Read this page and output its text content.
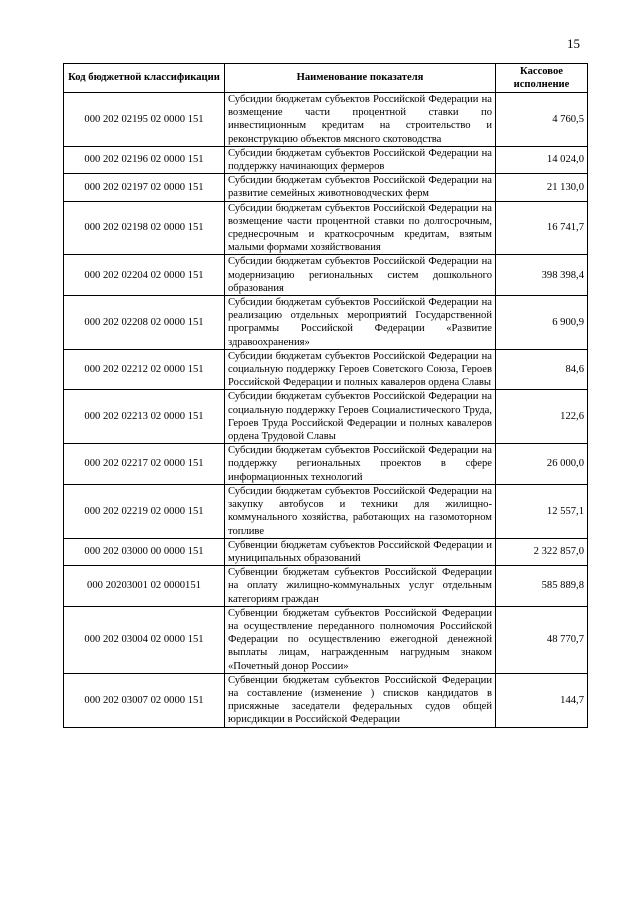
15
Код бюджетной классификации	Наименование показателя	Кассовое исполнение
000 202 02195 02 0000 151	Субсидии бюджетам субъектов Российской Федерации на возмещение части процентной ставки по инвестиционным кредитам на строительство и реконструкцию объектов мясного скотоводства	4 760,5
000 202 02196 02 0000 151	Субсидии бюджетам субъектов Российской Федерации на поддержку начинающих фермеров	14 024,0
000 202 02197 02 0000 151	Субсидии бюджетам субъектов Российской Федерации на развитие семейных животноводческих ферм	21 130,0
000 202 02198 02 0000 151	Субсидии бюджетам субъектов Российской Федерации на возмещение части процентной ставки по долгосрочным, среднесрочным и краткосрочным кредитам, взятым малыми формами хозяйствования	16 741,7
000 202 02204 02 0000 151	Субсидии бюджетам субъектов Российской Федерации на модернизацию региональных систем дошкольного образования	398 398,4
000 202 02208 02 0000 151	Субсидии бюджетам субъектов Российской Федерации на реализацию отдельных мероприятий Государственной программы Российской Федерации «Развитие здравоохранения»	6 900,9
000 202 02212 02 0000 151	Субсидии бюджетам субъектов Российской Федерации на социальную поддержку Героев Советского Союза, Героев Российской Федерации и полных кавалеров ордена Славы	84,6
000 202 02213 02 0000 151	Субсидии бюджетам субъектов Российской Федерации на социальную поддержку Героев Социалистического Труда, Героев Труда Российской Федерации и полных кавалеров ордена Трудовой Славы	122,6
000 202 02217 02 0000 151	Субсидии бюджетам субъектов Российской Федерации на поддержку региональных проектов в сфере информационных технологий	26 000,0
000 202 02219 02 0000 151	Субсидии бюджетам субъектов Российской Федерации на закупку автобусов и техники для жилищно-коммунального хозяйства, работающих на газомоторном топливе	12 557,1
000 202 03000 00 0000 151	Субвенции бюджетам субъектов Российской Федерации и муниципальных образований	2 322 857,0
000 20203001 02 0000151	Субвенции бюджетам субъектов Российской Федерации на оплату жилищно-коммунальных услуг отдельным категориям граждан	585 889,8
000 202 03004 02 0000 151	Субвенции бюджетам субъектов Российской Федерации на осуществление переданного полномочия Российской Федерации по осуществлению ежегодной денежной выплаты лицам, награжденным нагрудным знаком «Почетный донор России»	48 770,7
000 202 03007 02 0000 151	Субвенции бюджетам субъектов Российской Федерации на составление (изменение ) списков кандидатов в присяжные заседатели федеральных судов общей юрисдикции в Российской Федерации	144,7
